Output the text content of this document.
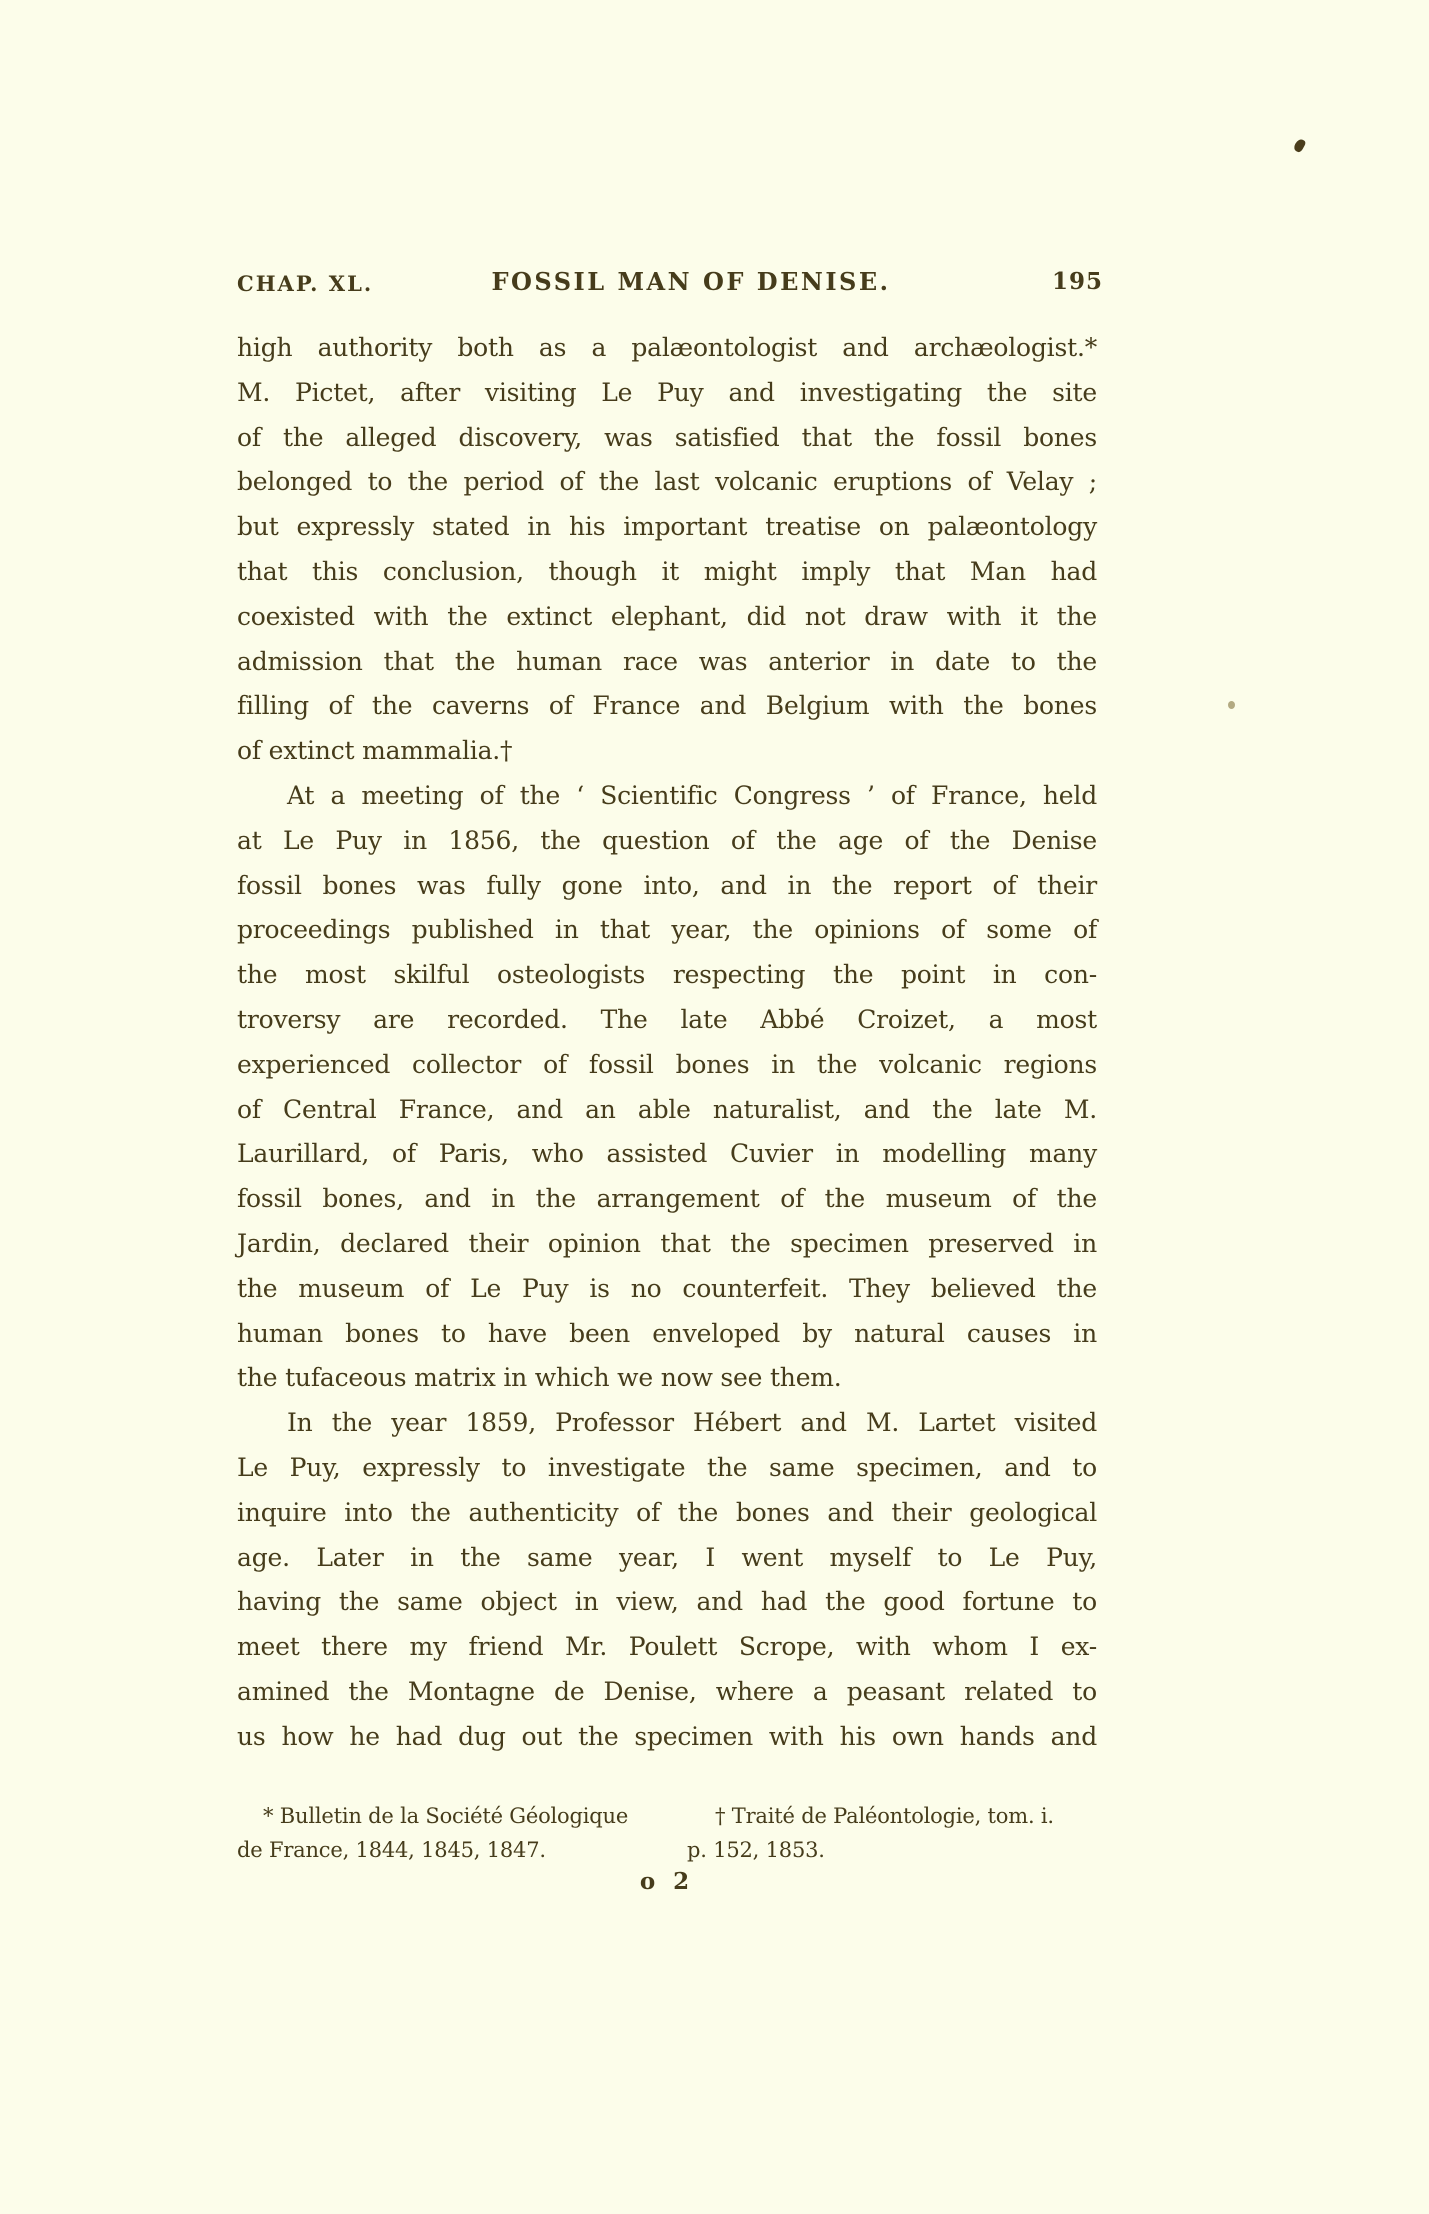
CHAP. XL.	FOSSIL MAN OF DENISE.	195
high authority both as a palæontologist and archæologist.*
M. Pictet, after visiting Le Puy and investigating the site
of the alleged discovery, was satisfied that the fossil bones
belonged to the period of the last volcanic eruptions of Velay ;
but expressly stated in his important treatise on palæontology
that this conclusion, though it might imply that Man had
coexisted with the extinct elephant, did not draw with it the
admission that the human race was anterior in date to the
filling of the caverns of France and Belgium with the bones
of extinct mammalia.†
At a meeting of the ‘ Scientific Congress ’ of France, held
at Le Puy in 1856, the question of the age of the Denise
fossil bones was fully gone into, and in the report of their
proceedings published in that year, the opinions of some of
the most skilful osteologists respecting the point in con-
troversy are recorded. The late Abbé Croizet, a most
experienced collector of fossil bones in the volcanic regions
of Central France, and an able naturalist, and the late M.
Laurillard, of Paris, who assisted Cuvier in modelling many
fossil bones, and in the arrangement of the museum of the
Jardin, declared their opinion that the specimen preserved in
the museum of Le Puy is no counterfeit. They believed the
human bones to have been enveloped by natural causes in
the tufaceous matrix in which we now see them.
In the year 1859, Professor Hébert and M. Lartet visited
Le Puy, expressly to investigate the same specimen, and to
inquire into the authenticity of the bones and their geological
age. Later in the same year, I went myself to Le Puy,
having the same object in view, and had the good fortune to
meet there my friend Mr. Poulett Scrope, with whom I ex-
amined the Montagne de Denise, where a peasant related to
us how he had dug out the specimen with his own hands and
* Bulletin de la Société Géologique
de France, 1844, 1845, 1847.
† Traité de Paléontologie, tom. i.
p. 152, 1853.
o 2
